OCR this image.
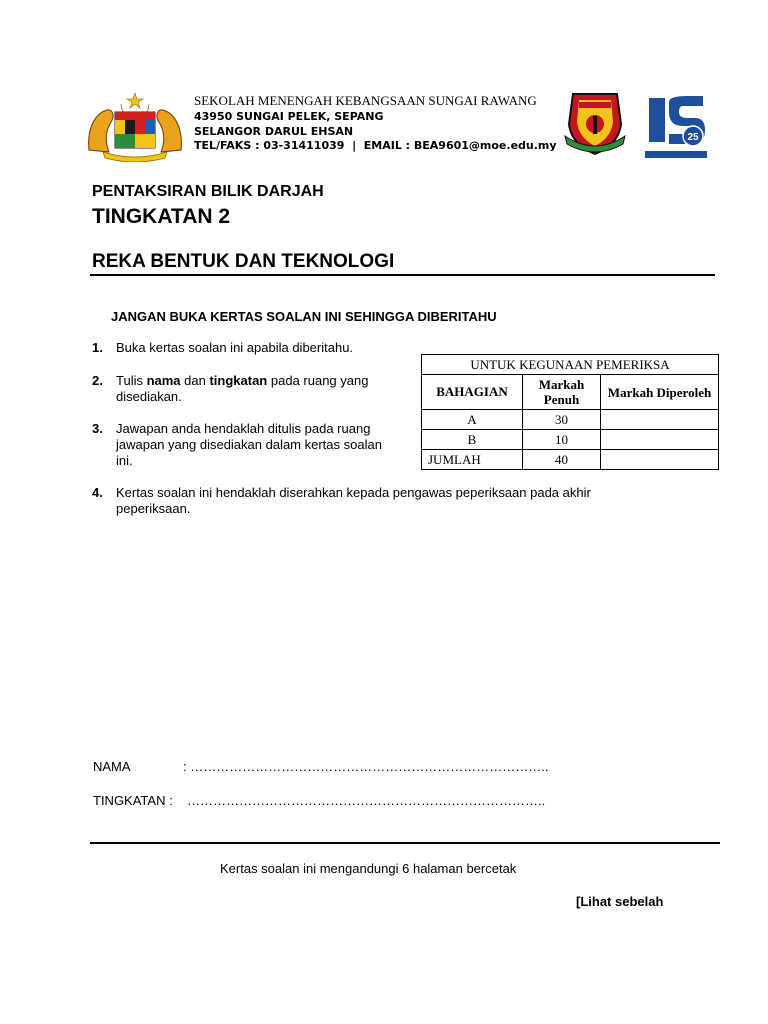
25
SEKOLAH MENENGAH KEBANGSAAN SUNGAI RAWANG
43950 SUNGAI PELEK, SEPANG
SELANGOR DARUL EHSAN
TEL/FAKS : 03-31411039  |  EMAIL : BEA9601@moe.edu.my
PENTAKSIRAN BILIK DARJAH
TINGKATAN 2
REKA BENTUK DAN TEKNOLOGI
JANGAN BUKA KERTAS SOALAN INI SEHINGGA DIBERITAHU
1. Buka kertas soalan ini apabila diberitahu.
2. Tulis nama dan tingkatan pada ruang yang disediakan.
3. Jawapan anda hendaklah ditulis pada ruang jawapan yang disediakan dalam kertas soalan ini.
4. Kertas soalan ini hendaklah diserahkan kepada pengawas peperiksaan pada akhir peperiksaan.
UNTUK KEGUNAAN PEMERIKSA		
BAHAGIAN	Markah Penuh	Markah Diperoleh
A	30	
B	10	
JUMLAH	40	
NAMA	: ………………………………………………………………………..
TINGKATAN : ………………………………………………………………………..
Kertas soalan ini mengandungi 6 halaman bercetak
[Lihat sebelah
